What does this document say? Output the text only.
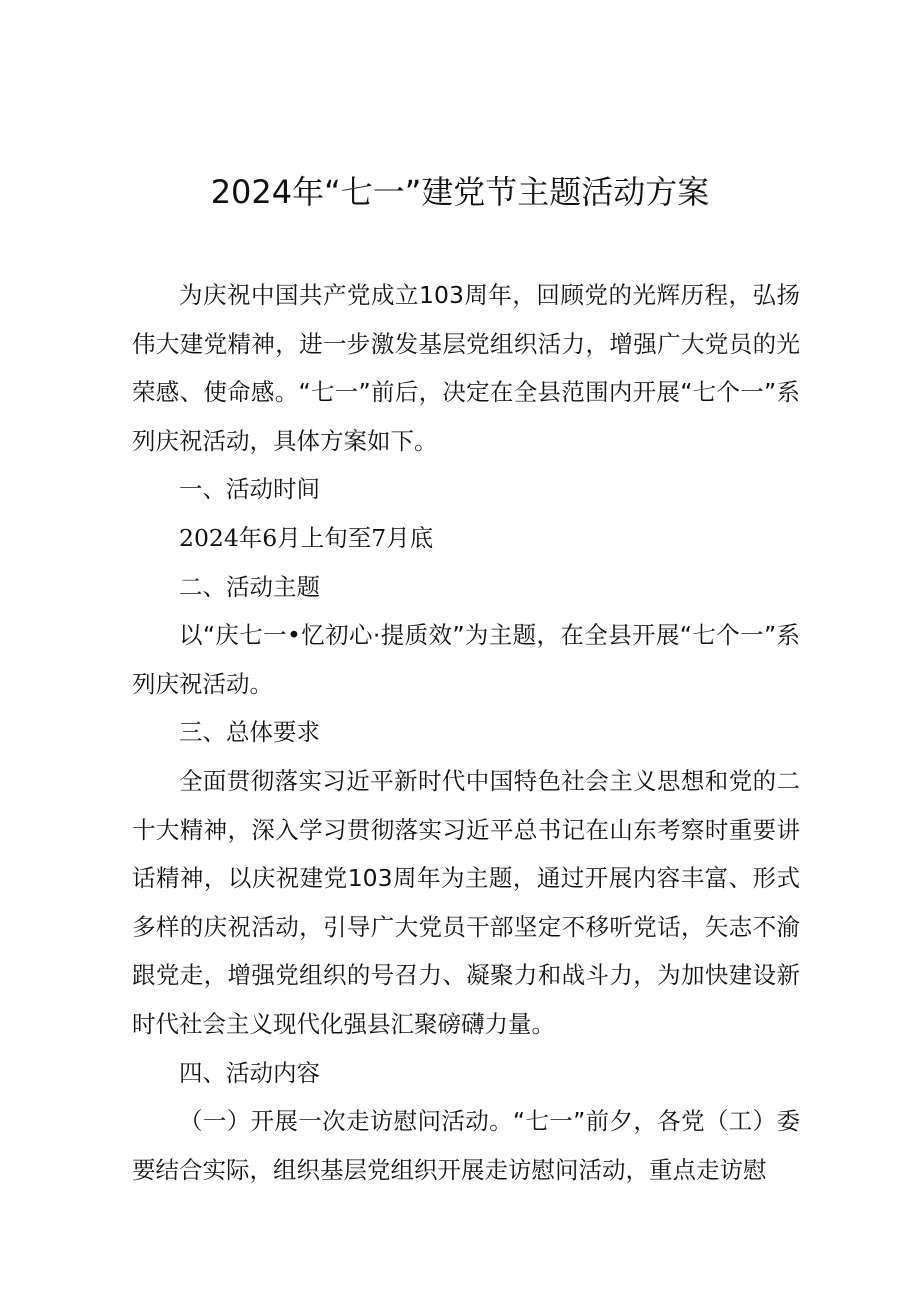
2024年“七一”建党节主题活动方案

为庆祝中国共产党成立103周年，回顾党的光辉历程，弘扬伟大建党精神，进一步激发基层党组织活力，增强广大党员的光荣感、使命感。“七一”前后，决定在全县范围内开展“七个一”系列庆祝活动，具体方案如下。

一、活动时间

2024年6月上旬至7月底

二、活动主题

以“庆七一•忆初心·提质效”为主题，在全县开展“七个一”系列庆祝活动。

三、总体要求

全面贯彻落实习近平新时代中国特色社会主义思想和党的二十大精神，深入学习贯彻落实习近平总书记在山东考察时重要讲话精神，以庆祝建党103周年为主题，通过开展内容丰富、形式多样的庆祝活动，引导广大党员干部坚定不移听党话，矢志不渝跟党走，增强党组织的号召力、凝聚力和战斗力，为加快建设新时代社会主义现代化强县汇聚磅礴力量。

四、活动内容

（一）开展一次走访慰问活动。“七一”前夕，各党（工）委要结合实际，组织基层党组织开展走访慰问活动，重点走访慰
